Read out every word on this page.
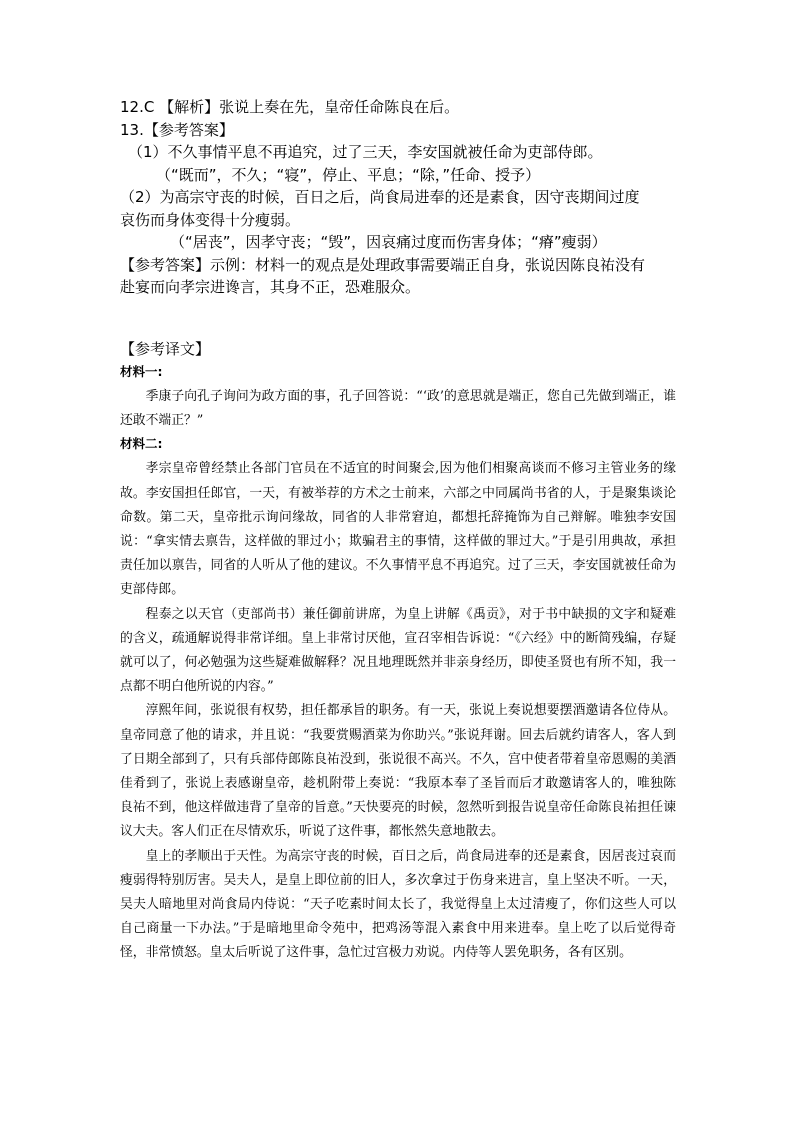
12.C 【解析】张说上奏在先，皇帝任命陈良在后。

13.【参考答案】

（1）不久事情平息不再追究，过了三天，李安国就被任命为吏部侍郎。

（“既而”，不久；“寝”，停止、平息；“除，”任命、授予）

（2）为高宗守丧的时候，百日之后，尚食局进奉的还是素食，因守丧期间过度

哀伤而身体变得十分瘦弱。

（“居丧”，因孝守丧；“毁”，因哀痛过度而伤害身体；“瘠”瘦弱）

【参考答案】示例：材料一的观点是处理政事需要端正自身，张说因陈良祐没有

赴宴而向孝宗进谗言，其身不正，恐难服众。

【参考译文】

材料一:

季康子向孔子询问为政方面的事，孔子回答说：“‘政’的意思就是端正，您自己先做到端正，谁还敢不端正？”

材料二:

孝宗皇帝曾经禁止各部门官员在不适宜的时间聚会,因为他们相聚高谈而不修习主管业务的缘故。李安国担任郎官，一天，有被举荐的方术之士前来，六部之中同属尚书省的人，于是聚集谈论命数。第二天，皇帝批示询问缘故，同省的人非常窘迫，都想托辞掩饰为自己辩解。唯独李安国说：“拿实情去禀告，这样做的罪过小；欺骗君主的事情，这样做的罪过大。”于是引用典故，承担责任加以禀告，同省的人听从了他的建议。不久事情平息不再追究。过了三天，李安国就被任命为吏部侍郎。

程泰之以天官（吏部尚书）兼任御前讲席，为皇上讲解《禹贡》，对于书中缺损的文字和疑难的含义，疏通解说得非常详细。皇上非常讨厌他，宣召宰相告诉说：“《六经》中的断简残编，存疑就可以了，何必勉强为这些疑难做解释？况且地理既然并非亲身经历，即使圣贤也有所不知，我一点都不明白他所说的内容。”

淳熙年间，张说很有权势，担任都承旨的职务。有一天，张说上奏说想要摆酒邀请各位侍从。皇帝同意了他的请求，并且说：“我要赏赐酒菜为你助兴。”张说拜谢。回去后就约请客人，客人到了日期全部到了，只有兵部侍郎陈良祐没到，张说很不高兴。不久，宫中使者带着皇帝恩赐的美酒佳肴到了，张说上表感谢皇帝，趁机附带上奏说：“我原本奉了圣旨而后才敢邀请客人的，唯独陈良祐不到，他这样做违背了皇帝的旨意。”天快要亮的时候，忽然听到报告说皇帝任命陈良祐担任谏议大夫。客人们正在尽情欢乐，听说了这件事，都怅然失意地散去。

皇上的孝顺出于天性。为高宗守丧的时候，百日之后，尚食局进奉的还是素食，因居丧过哀而瘦弱得特别厉害。吴夫人，是皇上即位前的旧人，多次拿过于伤身来进言，皇上坚决不听。一天，吴夫人暗地里对尚食局内侍说：“天子吃素时间太长了，我觉得皇上太过清瘦了，你们这些人可以自己商量一下办法。”于是暗地里命令苑中，把鸡汤等混入素食中用来进奉。皇上吃了以后觉得奇怪，非常愤怒。皇太后听说了这件事，急忙过宫极力劝说。内侍等人罢免职务，各有区别。
